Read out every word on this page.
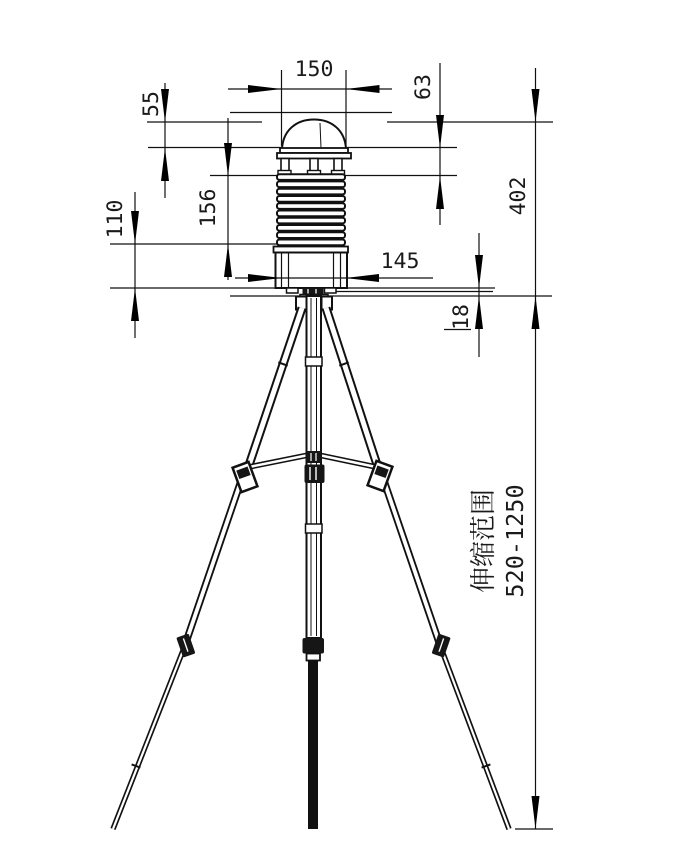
150
145
55
110	156
63
402
18
伸缩范围 520-1250
